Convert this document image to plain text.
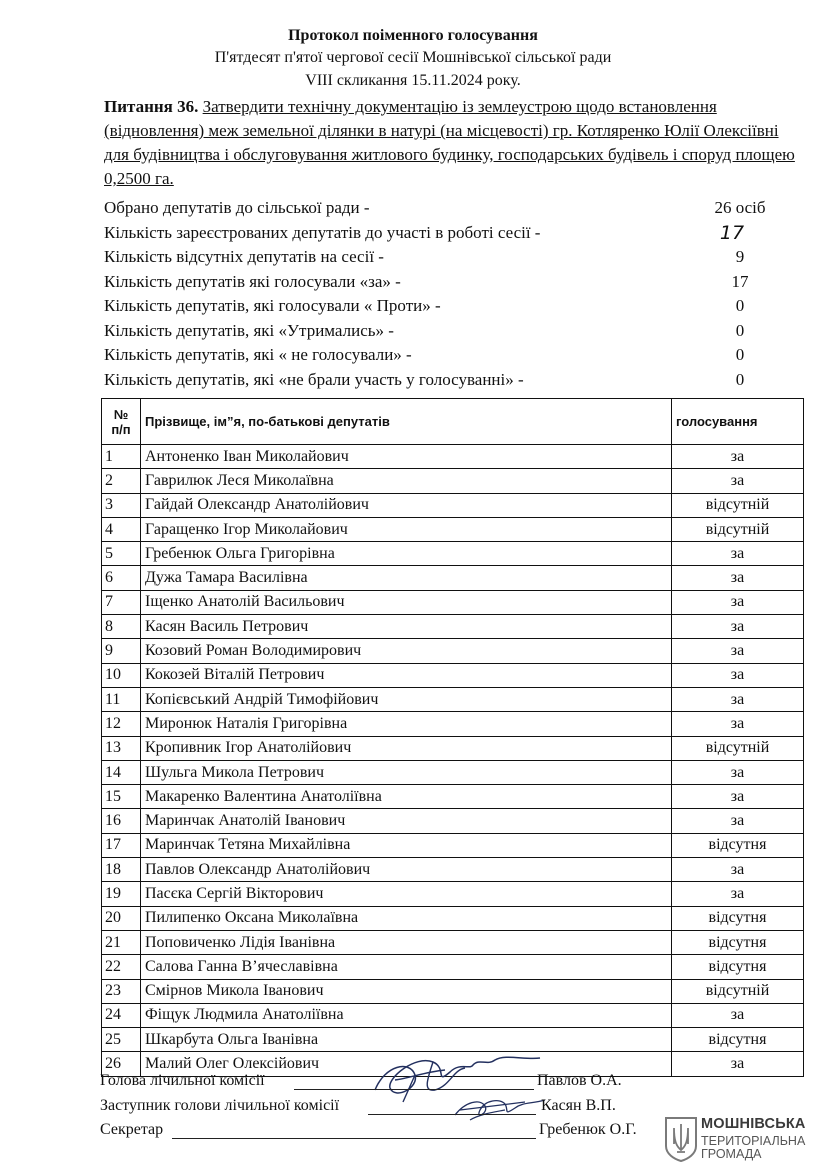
Протокол поіменного голосування
П'ятдесят п'ятої чергової сесії Мошнівської сільської ради
VIII скликання 15.11.2024 року.
Питання 36. Затвердити технічну документацію із землеустрою щодо встановлення (відновлення) меж земельної ділянки в натурі (на місцевості) гр. Котляренко Юлії Олексіївні для будівництва і обслуговування житлового будинку, господарських будівель і споруд площею 0,2500 га.
Обрано депутатів до сільської ради -	26 осіб
Кількість зареєстрованих депутатів до участі в роботі сесії -	17
Кількість відсутніх депутатів на сесії -	9
Кількість депутатів які голосували «за» -	17
Кількість депутатів, які голосували « Проти» -	0
Кількість депутатів, які «Утримались» -	0
Кількість депутатів, які « не голосували» -	0
Кількість депутатів, які «не брали участь у голосуванні» -	0
№
п/п	Прізвище, ім”я, по-батькові депутатів	голосування
1	Антоненко Іван Миколайович	за
2	Гаврилюк Леся Миколаївна	за
3	Гайдай Олександр Анатолійович	відсутній
4	Гаращенко Ігор Миколайович	відсутній
5	Гребенюк Ольга Григорівна	за
6	Дужа Тамара Василівна	за
7	Іщенко Анатолій Васильович	за
8	Касян Василь Петрович	за
9	Козовий Роман Володимирович	за
10	Кокозей Віталій Петрович	за
11	Копієвський Андрій Тимофійович	за
12	Миронюк Наталія Григорівна	за
13	Кропивник Ігор Анатолійович	відсутній
14	Шульга Микола Петрович	за
15	Макаренко Валентина Анатоліївна	за
16	Маринчак Анатолій Іванович	за
17	Маринчак Тетяна Михайлівна	відсутня
18	Павлов Олександр Анатолійович	за
19	Пасєка Сергій Вікторович	за
20	Пилипенко Оксана Миколаївна	відсутня
21	Поповиченко Лідія Іванівна	відсутня
22	Салова Ганна В’ячеславівна	відсутня
23	Смірнов Микола Іванович	відсутній
24	Фіщук Людмила Анатоліївна	за
25	Шкарбута Ольга Іванівна	відсутня
26	Малий Олег Олексійович	за
Голова лічильної комісії	Павлов О.А.
Заступник голови лічильної комісії	Касян В.П.
Секретар	Гребенюк О.Г.	МОШНІВСЬКА
ТЕРИТОРІАЛЬНА
ГРОМАДА
